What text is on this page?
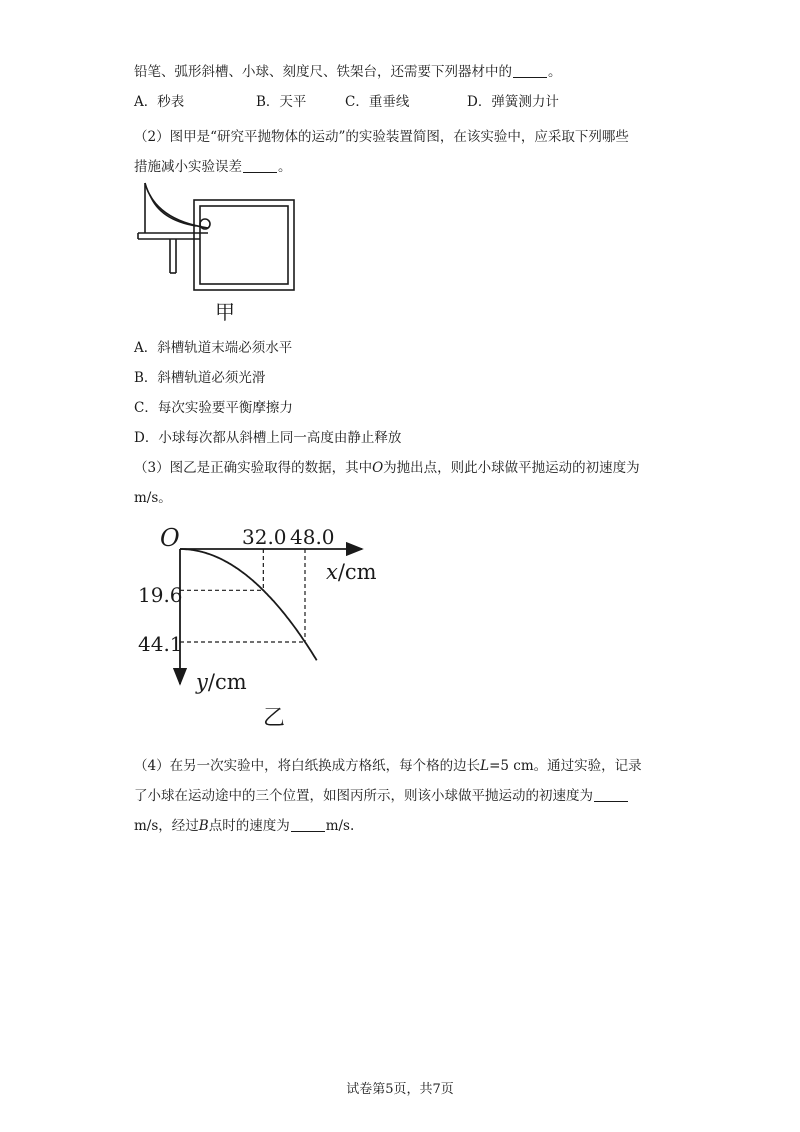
铅笔、弧形斜槽、小球、刻度尺、铁架台，还需要下列器材中的	。
A．秒表	B．天平	C．重垂线	D．弹簧测力计
（2）图甲是“研究平抛物体的运动”的实验装置简图，在该实验中，应采取下列哪些
措施减小实验误差	。
甲
A．斜槽轨道末端必须水平
B．斜槽轨道必须光滑
C．每次实验要平衡摩擦力
D．小球每次都从斜槽上同一高度由静止释放
（3）图乙是正确实验取得的数据，其中O为抛出点，则此小球做平抛运动的初速度为
m/s。
O	32.0 48.0
x/cm
19.6
44.1
y/cm
乙
（4）在另一次实验中，将白纸换成方格纸，每个格的边长L=5 cm。通过实验，记录
了小球在运动途中的三个位置，如图丙所示，则该小球做平抛运动的初速度为
m/s，经过B点时的速度为	m/s.
试卷第5页，共7页
